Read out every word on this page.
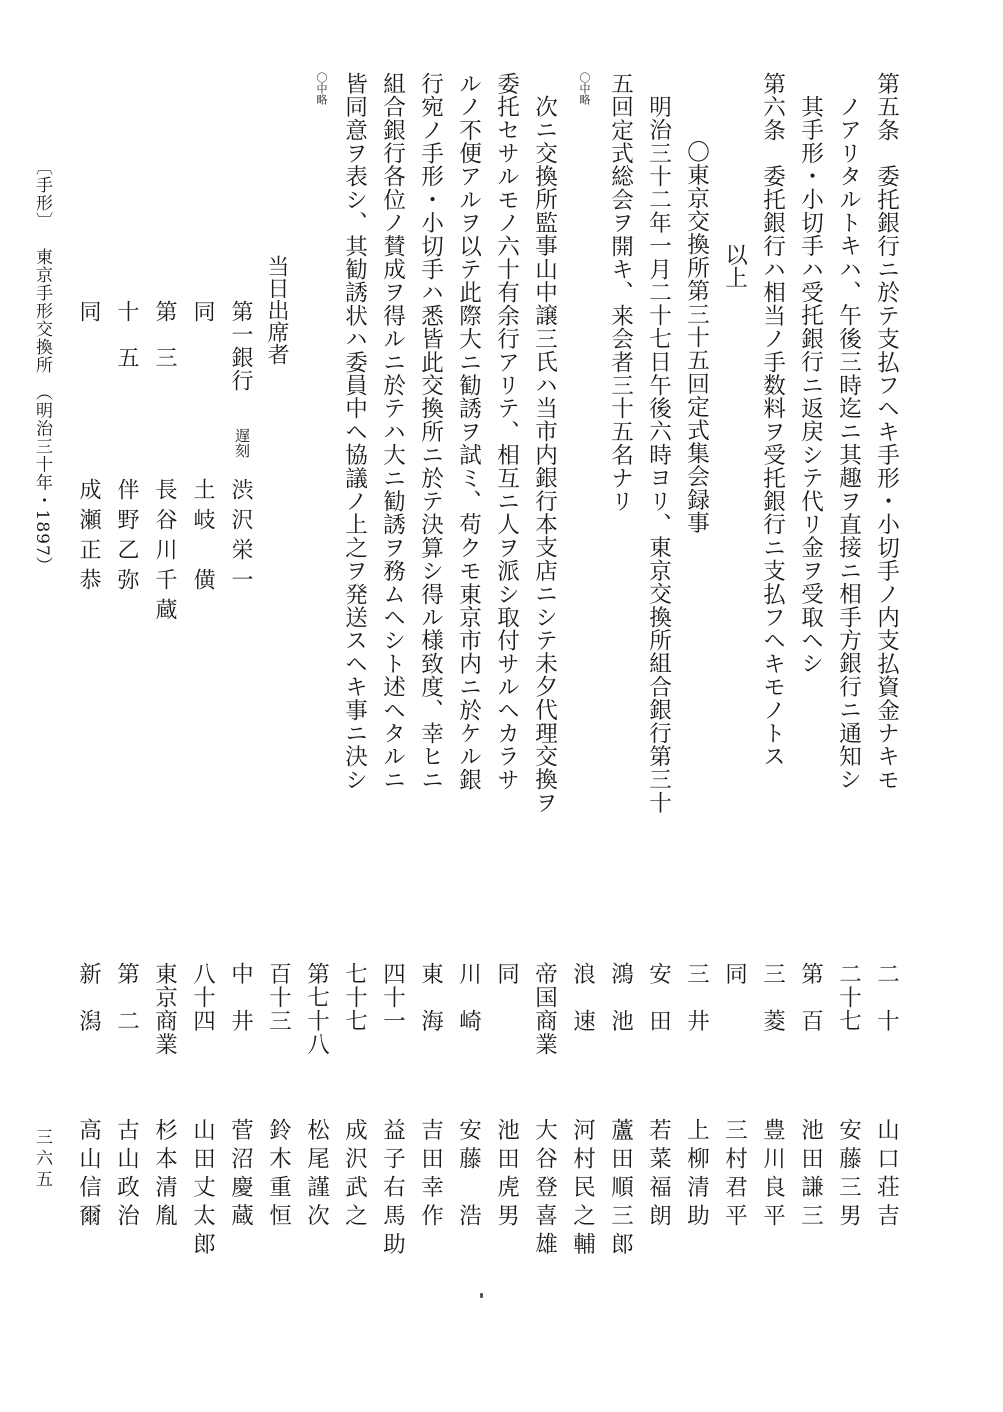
第五条　委托銀行ニ於テ支払フヘキ手形・小切手ノ内支払資金ナキモ
ノアリタルトキハ、午後三時迄ニ其趣ヲ直接ニ相手方銀行ニ通知シ
其手形・小切手ハ受托銀行ニ返戻シテ代リ金ヲ受取ヘシ
第六条　委托銀行ハ相当ノ手数料ヲ受托銀行ニ支払フヘキモノトス
以上
〇東京交換所第三十五回定式集会録事
明治三十二年一月二十七日午後六時ヨリ、東京交換所組合銀行第三十
五回定式総会ヲ開キ、来会者三十五名ナリ
次ニ交換所監事山中譲三氏ハ当市内銀行本支店ニシテ未夕代理交換ヲ
委托セサルモノ六十有余行アリテ、相互ニ人ヲ派シ取付サルヘカラサ
ルノ不便アルヲ以テ此際大ニ勧誘ヲ試ミ、苟クモ東京市内ニ於ケル銀
行宛ノ手形・小切手ハ悉皆此交換所ニ於テ決算シ得ル様致度、幸ヒニ
組合銀行各位ノ賛成ヲ得ルニ於テハ大ニ勧誘ヲ務ムヘシト述ヘタルニ
皆同意ヲ表シ、其勧誘状ハ委員中ヘ協議ノ上之ヲ発送スヘキ事ニ決シ	〇中略
〇中略
当日出席者
第一銀行
遅刻
渋沢栄一
同
土岐　僙
第　三
長谷川千蔵
十　五
伴野乙弥
同
成瀬正恭
二　十
山口荘吉
二十七
安藤三男
第　百
池田謙三
三　菱
豊川良平
同
三村君平
三　井
上柳清助
安　田
若菜福朗
鴻　池
蘆田順三郎
浪　速
河村民之輔
帝国商業
大谷登喜雄
同
池田虎男
川　崎
安藤　浩
東　海
吉田幸作
四十一
益子右馬助
七十七
成沢武之
第七十八
松尾謹次
百十三
鈴木重恒
中　井
菅沼慶蔵
八十四
山田丈太郎
東京商業
杉本清胤
第　二
古山政治
新　潟
高山信爾
〔手形〕
東京手形交換所　（明治三十年・1897）
三六五
